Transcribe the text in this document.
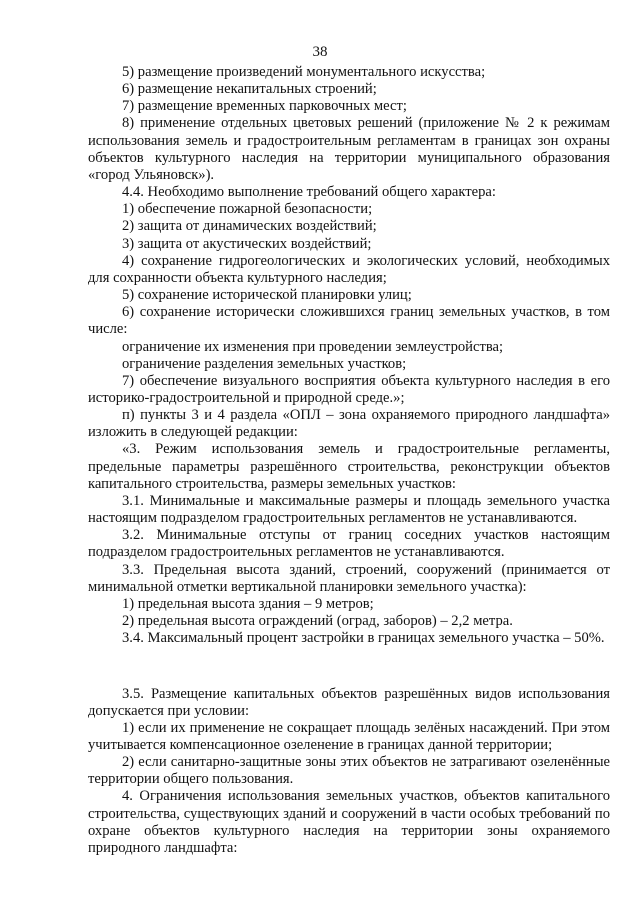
38

5) размещение произведений монументального искусства;

6) размещение некапитальных строений;

7) размещение временных парковочных мест;

8) применение отдельных цветовых решений (приложение № 2 к режимам использования земель и градостроительным регламентам в границах зон охраны объектов культурного наследия на территории муниципального образования «город Ульяновск»).

4.4. Необходимо выполнение требований общего характера:

1) обеспечение пожарной безопасности;

2) защита от динамических воздействий;

3) защита от акустических воздействий;

4) сохранение гидрогеологических и экологических условий, необходимых для сохранности объекта культурного наследия;

5) сохранение исторической планировки улиц;

6) сохранение исторически сложившихся границ земельных участков, в том числе:

ограничение их изменения при проведении землеустройства;

ограничение разделения земельных участков;

7) обеспечение визуального восприятия объекта культурного наследия в его историко-градостроительной и природной среде.»;

п) пункты 3 и 4 раздела «ОПЛ – зона охраняемого природного ландшафта» изложить в следующей редакции:

«3. Режим использования земель и градостроительные регламенты, предельные параметры разрешённого строительства, реконструкции объектов капитального строительства, размеры земельных участков:

3.1. Минимальные и максимальные размеры и площадь земельного участка настоящим подразделом градостроительных регламентов не устанавливаются.

3.2. Минимальные отступы от границ соседних участков настоящим подразделом градостроительных регламентов не устанавливаются.

3.3. Предельная высота зданий, строений, сооружений (принимается от минимальной отметки вертикальной планировки земельного участка):

1) предельная высота здания – 9 метров;

2) предельная высота ограждений (оград, заборов) – 2,2 метра.

3.4. Максимальный процент застройки в границах земельного участка – 50%.

3.5. Размещение капитальных объектов разрешённых видов использования допускается при условии:

1) если их применение не сокращает площадь зелёных насаждений. При этом учитывается компенсационное озеленение в границах данной территории;

2) если санитарно-защитные зоны этих объектов не затрагивают озеленённые территории общего пользования.

4. Ограничения использования земельных участков, объектов капитального строительства, существующих зданий и сооружений в части особых требований по охране объектов культурного наследия на территории зоны охраняемого природного ландшафта:
